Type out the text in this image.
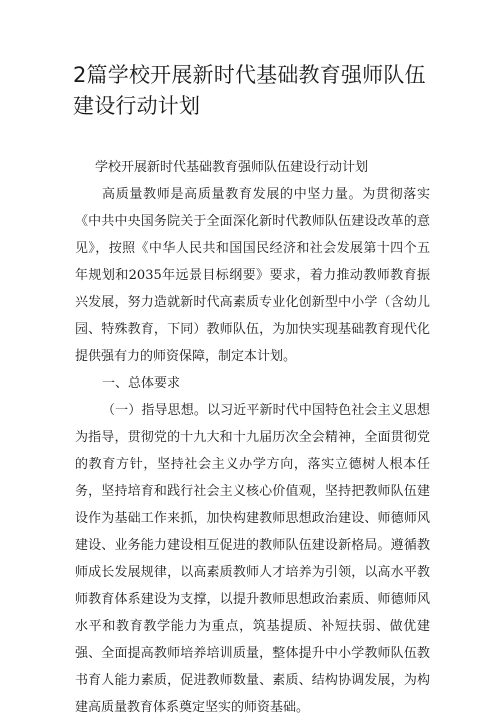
2篇学校开展新时代基础教育强师队伍建设行动计划

学校开展新时代基础教育强师队伍建设行动计划

高质量教师是高质量教育发展的中坚力量。为贯彻落实《中共中央国务院关于全面深化新时代教师队伍建设改革的意见》，按照《中华人民共和国国民经济和社会发展第十四个五年规划和2035年远景目标纲要》要求，着力推动教师教育振兴发展，努力造就新时代高素质专业化创新型中小学（含幼儿园、特殊教育，下同）教师队伍，为加快实现基础教育现代化提供强有力的师资保障，制定本计划。

一、总体要求

（一）指导思想。以习近平新时代中国特色社会主义思想为指导，贯彻党的十九大和十九届历次全会精神，全面贯彻党的教育方针，坚持社会主义办学方向，落实立德树人根本任务，坚持培育和践行社会主义核心价值观，坚持把教师队伍建设作为基础工作来抓，加快构建教师思想政治建设、师德师风建设、业务能力建设相互促进的教师队伍建设新格局。遵循教师成长发展规律，以高素质教师人才培养为引领，以高水平教师教育体系建设为支撑，以提升教师思想政治素质、师德师风水平和教育教学能力为重点，筑基提质、补短扶弱、做优建强、全面提高教师培养培训质量，整体提升中小学教师队伍教书育人能力素质，促进教师数量、素质、结构协调发展，为构建高质量教育体系奠定坚实的师资基础。
